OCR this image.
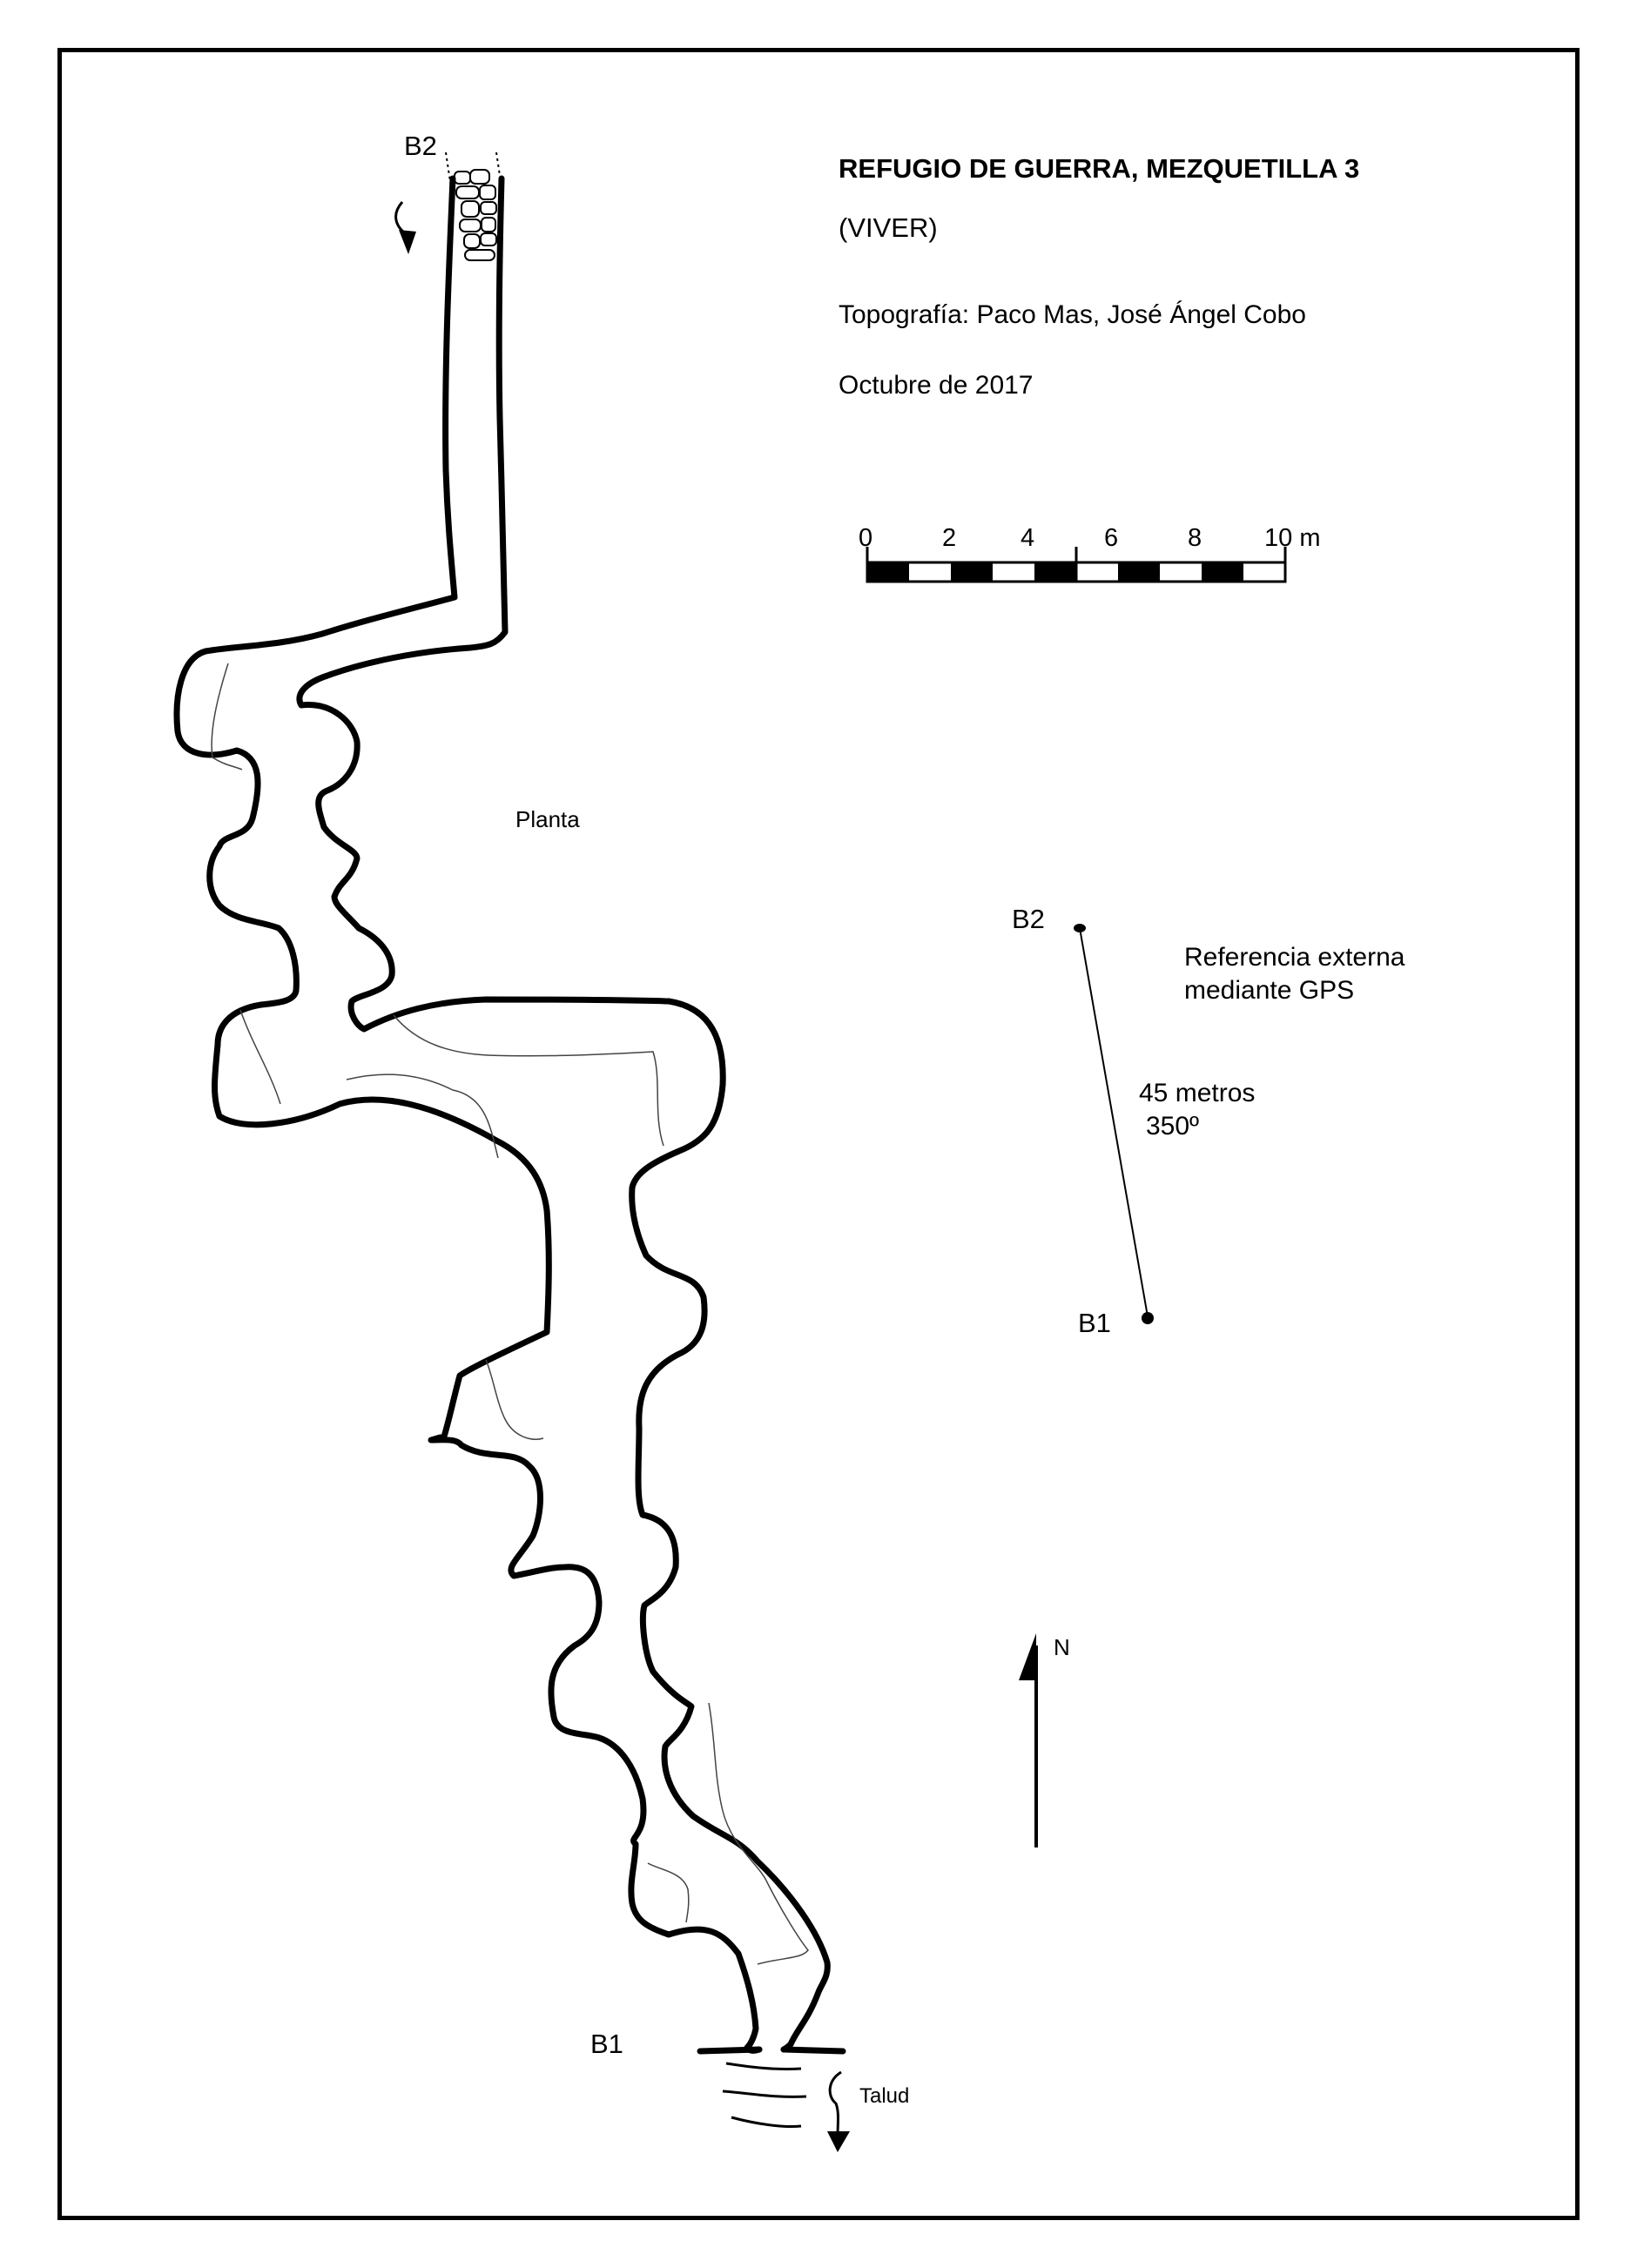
REFUGIO DE GUERRA, MEZQUETILLA 3
(VIVER)
Topografía: Paco Mas, José Ángel Cobo
Octubre de 2017
0	2	4	6	8 10 m
Planta
B2
B1
Talud
B2
B1
Referencia externa
mediante GPS
45 metros
350º
N
